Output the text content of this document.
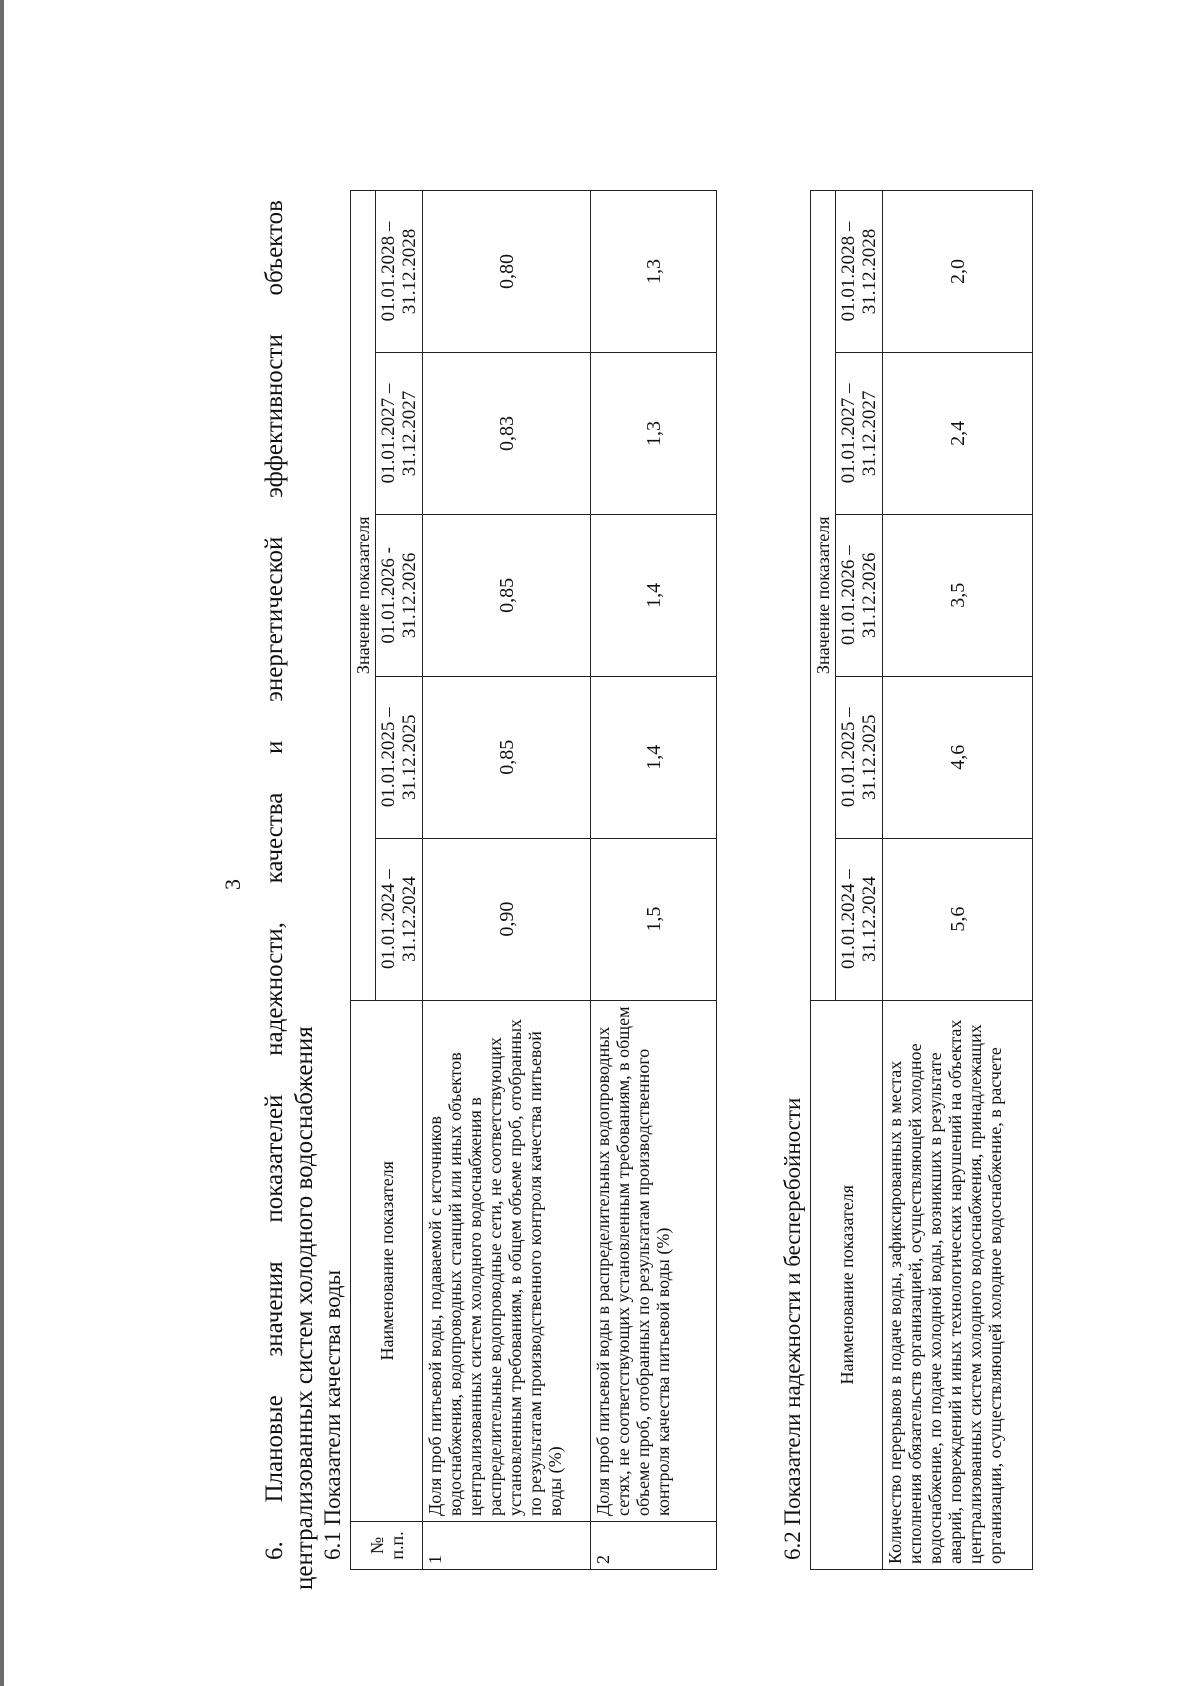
3
6.
Плановые
значения
показателей
надежности,
качества
и
энергетической
эффективности
объектов
централизованных систем холодного водоснабжения 6.1 Показатели качества воды № п.п.	Наименование показателя	Значение показателя				
		01.01.2024 – 31.12.2024	01.01.2025 – 31.12.2025	01.01.2026 - 31.12.2026	01.01.2027 – 31.12.2027	01.01.2028 – 31.12.2028
1	Доля проб питьевой воды, подаваемой с источников водоснабжения, водопроводных станций или иных объектов централизованных систем холодного водоснабжения в распределительные водопроводные сети, не соответствующих установленным требованиям, в общем объеме проб, отобранных по результатам производственного контроля качества питьевой воды (%)	0,90	0,85	0,85	0,83	0,80
2	Доля проб питьевой воды в распределительных водопроводных сетях, не соответствующих установленным требованиям, в общем объеме проб, отобранных по результатам производственного контроля качества питьевой воды (%)	1,5	1,4	1,4	1,3	1,3
6.2 Показатели надежности и бесперебойности Наименование показателя	Значение показателя				
	01.01.2024 – 31.12.2024	01.01.2025 – 31.12.2025	01.01.2026 – 31.12.2026	01.01.2027 – 31.12.2027	01.01.2028 – 31.12.2028
Количество перерывов в подаче воды, зафиксированных в местах исполнения обязательств организацией, осуществляющей холодное водоснабжение, по подаче холодной воды, возникших в результате аварий, повреждений и иных технологических нарушений на объектах централизованных систем холодного водоснабжения, принадлежащих организации, осуществляющей холодное водоснабжение, в расчете	5,6	4,6	3,5	2,4	2,0
